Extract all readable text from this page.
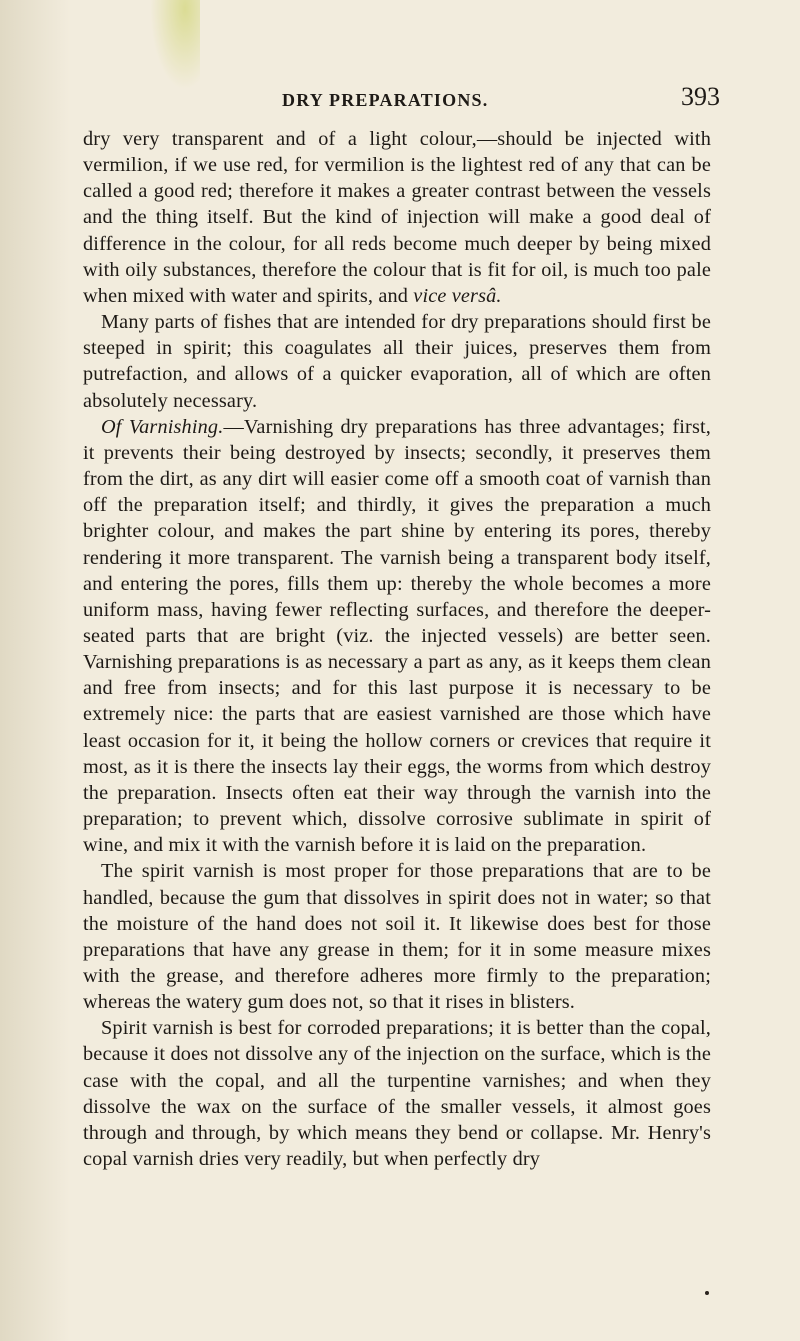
DRY PREPARATIONS.	393

dry very transparent and of a light colour,—should be injected with vermilion, if we use red, for vermilion is the lightest red of any that can be called a good red; therefore it makes a greater contrast between the vessels and the thing itself. But the kind of injection will make a good deal of difference in the colour, for all reds become much deeper by being mixed with oily substances, therefore the colour that is fit for oil, is much too pale when mixed with water and spirits, and vice versâ.

Many parts of fishes that are intended for dry preparations should first be steeped in spirit; this coagulates all their juices, preserves them from putrefaction, and allows of a quicker evaporation, all of which are often absolutely necessary.

Of Varnishing.—Varnishing dry preparations has three advantages; first, it prevents their being destroyed by insects; secondly, it preserves them from the dirt, as any dirt will easier come off a smooth coat of varnish than off the preparation itself; and thirdly, it gives the preparation a much brighter colour, and makes the part shine by entering its pores, thereby rendering it more transparent. The varnish being a transparent body itself, and entering the pores, fills them up: thereby the whole becomes a more uniform mass, having fewer reflecting surfaces, and therefore the deeper-seated parts that are bright (viz. the injected vessels) are better seen. Varnishing preparations is as necessary a part as any, as it keeps them clean and free from insects; and for this last purpose it is necessary to be extremely nice: the parts that are easiest varnished are those which have least occasion for it, it being the hollow corners or crevices that require it most, as it is there the insects lay their eggs, the worms from which destroy the preparation. Insects often eat their way through the varnish into the preparation; to prevent which, dissolve corrosive sublimate in spirit of wine, and mix it with the varnish before it is laid on the preparation.

The spirit varnish is most proper for those preparations that are to be handled, because the gum that dissolves in spirit does not in water; so that the moisture of the hand does not soil it. It likewise does best for those preparations that have any grease in them; for it in some measure mixes with the grease, and therefore adheres more firmly to the preparation; whereas the watery gum does not, so that it rises in blisters.

Spirit varnish is best for corroded preparations; it is better than the copal, because it does not dissolve any of the injection on the surface, which is the case with the copal, and all the turpentine varnishes; and when they dissolve the wax on the surface of the smaller vessels, it almost goes through and through, by which means they bend or collapse. Mr. Henry's copal varnish dries very readily, but when perfectly dry
